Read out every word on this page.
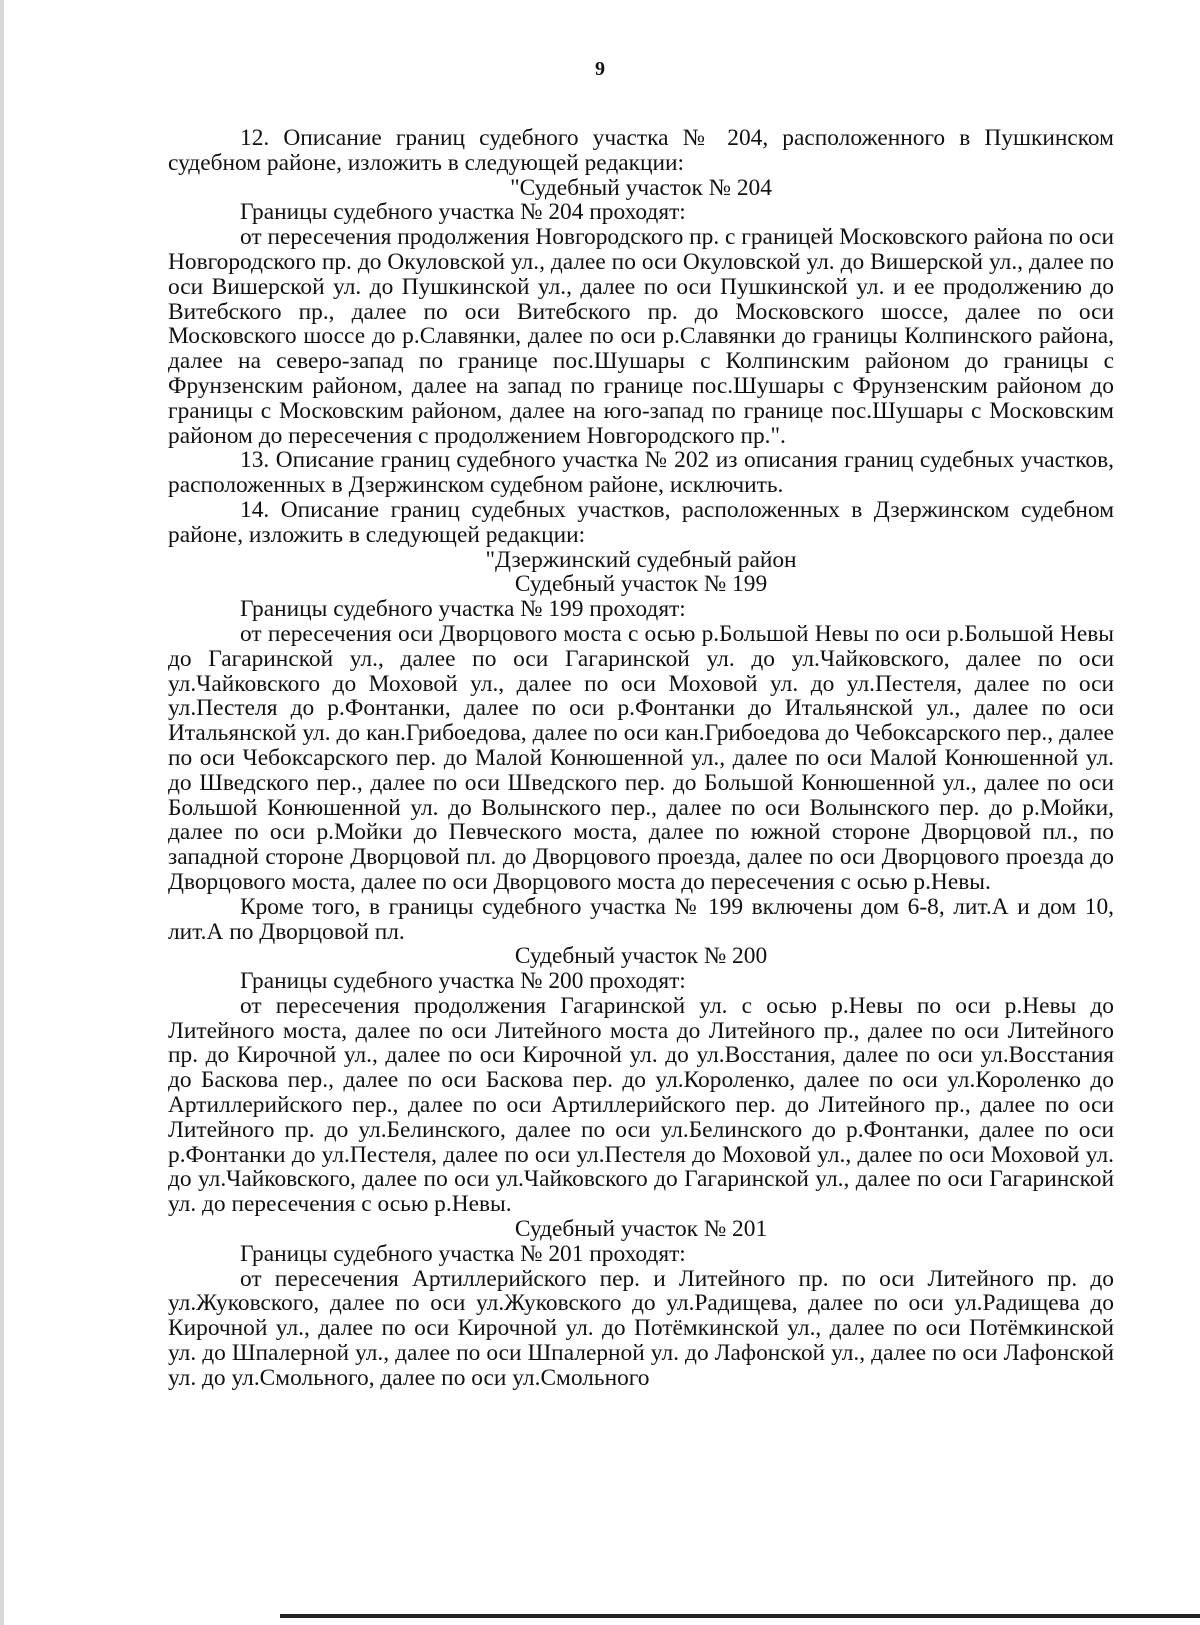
9

12. Описание границ судебного участка № 204, расположенного в Пушкинском судебном районе, изложить в следующей редакции:

"Судебный участок № 204

Границы судебного участка № 204 проходят:

от пересечения продолжения Новгородского пр. с границей Московского района по оси Новгородского пр. до Окуловской ул., далее по оси Окуловской ул. до Вишерской ул., далее по оси Вишерской ул. до Пушкинской ул., далее по оси Пушкинской ул. и ее продолжению до Витебского пр., далее по оси Витебского пр. до Московского шоссе, далее по оси Московского шоссе до р.Славянки, далее по оси р.Славянки до границы Колпинского района, далее на северо-запад по границе пос.Шушары с Колпинским районом до границы с Фрунзенским районом, далее на запад по границе пос.Шушары с Фрунзенским районом до границы с Московским районом, далее на юго-запад по границе пос.Шушары с Московским районом до пересечения с продолжением Новгородского пр.".

13. Описание границ судебного участка № 202 из описания границ судебных участков, расположенных в Дзержинском судебном районе, исключить.

14. Описание границ судебных участков, расположенных в Дзержинском судебном районе, изложить в следующей редакции:

"Дзержинский судебный район

Судебный участок № 199

Границы судебного участка № 199 проходят:

от пересечения оси Дворцового моста с осью р.Большой Невы по оси р.Большой Невы до Гагаринской ул., далее по оси Гагаринской ул. до ул.Чайковского, далее по оси ул.Чайковского до Моховой ул., далее по оси Моховой ул. до ул.Пестеля, далее по оси ул.Пестеля до р.Фонтанки, далее по оси р.Фонтанки до Итальянской ул., далее по оси Итальянской ул. до кан.Грибоедова, далее по оси кан.Грибоедова до Чебоксарского пер., далее по оси Чебоксарского пер. до Малой Конюшенной ул., далее по оси Малой Конюшенной ул. до Шведского пер., далее по оси Шведского пер. до Большой Конюшенной ул., далее по оси Большой Конюшенной ул. до Волынского пер., далее по оси Волынского пер. до р.Мойки, далее по оси р.Мойки до Певческого моста, далее по южной стороне Дворцовой пл., по западной стороне Дворцовой пл. до Дворцового проезда, далее по оси Дворцового проезда до Дворцового моста, далее по оси Дворцового моста до пересечения с осью р.Невы.

Кроме того, в границы судебного участка № 199 включены дом 6-8, лит.А и дом 10, лит.А по Дворцовой пл.

Судебный участок № 200

Границы судебного участка № 200 проходят:

от пересечения продолжения Гагаринской ул. с осью р.Невы по оси р.Невы до Литейного моста, далее по оси Литейного моста до Литейного пр., далее по оси Литейного пр. до Кирочной ул., далее по оси Кирочной ул. до ул.Восстания, далее по оси ул.Восстания до Баскова пер., далее по оси Баскова пер. до ул.Короленко, далее по оси ул.Короленко до Артиллерийского пер., далее по оси Артиллерийского пер. до Литейного пр., далее по оси Литейного пр. до ул.Белинского, далее по оси ул.Белинского до р.Фонтанки, далее по оси р.Фонтанки до ул.Пестеля, далее по оси ул.Пестеля до Моховой ул., далее по оси Моховой ул. до ул.Чайковского, далее по оси ул.Чайковского до Гагаринской ул., далее по оси Гагаринской ул. до пересечения с осью р.Невы.

Судебный участок № 201

Границы судебного участка № 201 проходят:

от пересечения Артиллерийского пер. и Литейного пр. по оси Литейного пр. до ул.Жуковского, далее по оси ул.Жуковского до ул.Радищева, далее по оси ул.Радищева до Кирочной ул., далее по оси Кирочной ул. до Потёмкинской ул., далее по оси Потёмкинской ул. до Шпалерной ул., далее по оси Шпалерной ул. до Лафонской ул., далее по оси Лафонской ул. до ул.Смольного, далее по оси ул.Смольного
